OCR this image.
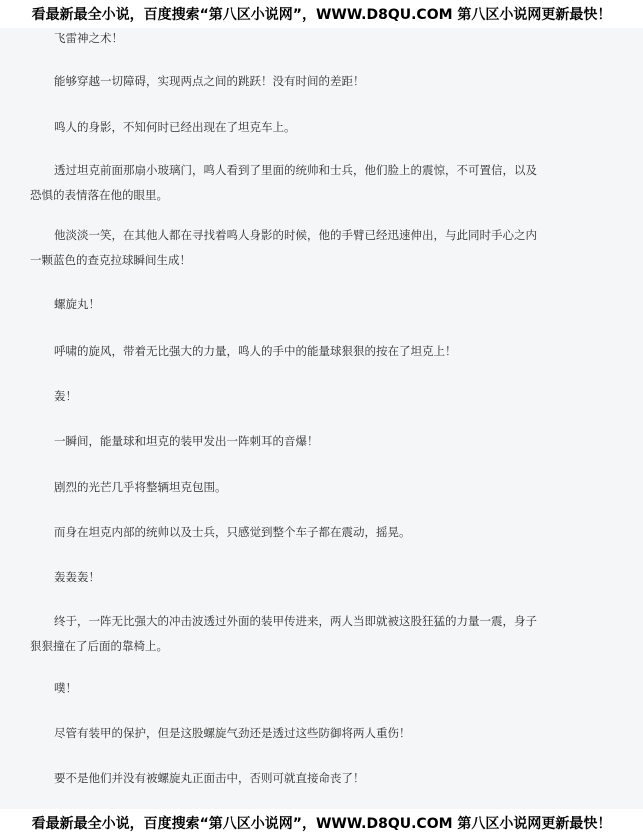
看最新最全小说，百度搜索“第八区小说网”，WWW.D8QU.COM 第八区小说网更新最快！
飞雷神之术！
能够穿越一切障碍，实现两点之间的跳跃！没有时间的差距！
鸣人的身影，不知何时已经出现在了坦克车上。
透过坦克前面那扇小玻璃门，鸣人看到了里面的统帅和士兵，他们脸上的震惊，不可置信，以及恐惧的表情落在他的眼里。
他淡淡一笑，在其他人都在寻找着鸣人身影的时候，他的手臂已经迅速伸出，与此同时手心之内一颗蓝色的查克拉球瞬间生成！
螺旋丸！
呼啸的旋风，带着无比强大的力量，鸣人的手中的能量球狠狠的按在了坦克上！
轰！
一瞬间，能量球和坦克的装甲发出一阵刺耳的音爆！
剧烈的光芒几乎将整辆坦克包围。
而身在坦克内部的统帅以及士兵，只感觉到整个车子都在震动，摇晃。
轰轰轰！
终于，一阵无比强大的冲击波透过外面的装甲传进来，两人当即就被这股狂猛的力量一震，身子狠狠撞在了后面的靠椅上。
噗！
尽管有装甲的保护，但是这股螺旋气劲还是透过这些防御将两人重伤！
要不是他们并没有被螺旋丸正面击中，否则可就直接命丧了！
看最新最全小说，百度搜索“第八区小说网”，WWW.D8QU.COM 第八区小说网更新最快！
